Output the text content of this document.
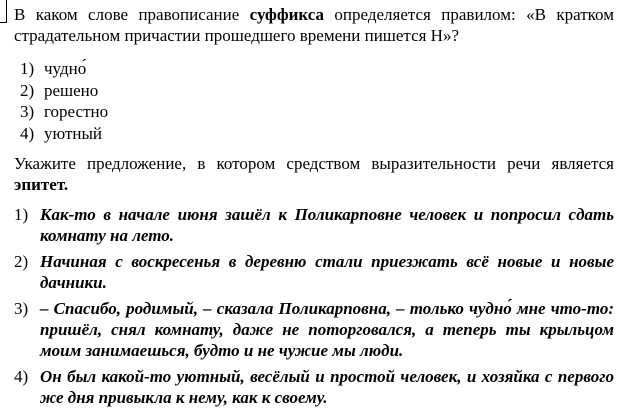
В каком слове правописание суффикса определяется правилом: «В кратком страдательном причастии прошедшего времени пишется Н»?
1) чудно́
2) решено
3) горестно
4) уютный
Укажите предложение, в котором средством выразительности речи является эпитет.
1) Как-то в начале июня зашёл к Поликарповне человек и попросил сдать комнату на лето.
2) Начиная с воскресенья в деревню стали приезжать всё новые и новые дачники.
3) – Спасибо, родимый, – сказала Поликарповна, – только чудно́ мне что-то: пришёл, снял комнату, даже не поторговался, а теперь ты крыльцом моим занимаешься, будто и не чужие мы люди.
4) Он был какой-то уютный, весёлый и простой человек, и хозяйка с первого же дня привыкла к нему, как к своему.
